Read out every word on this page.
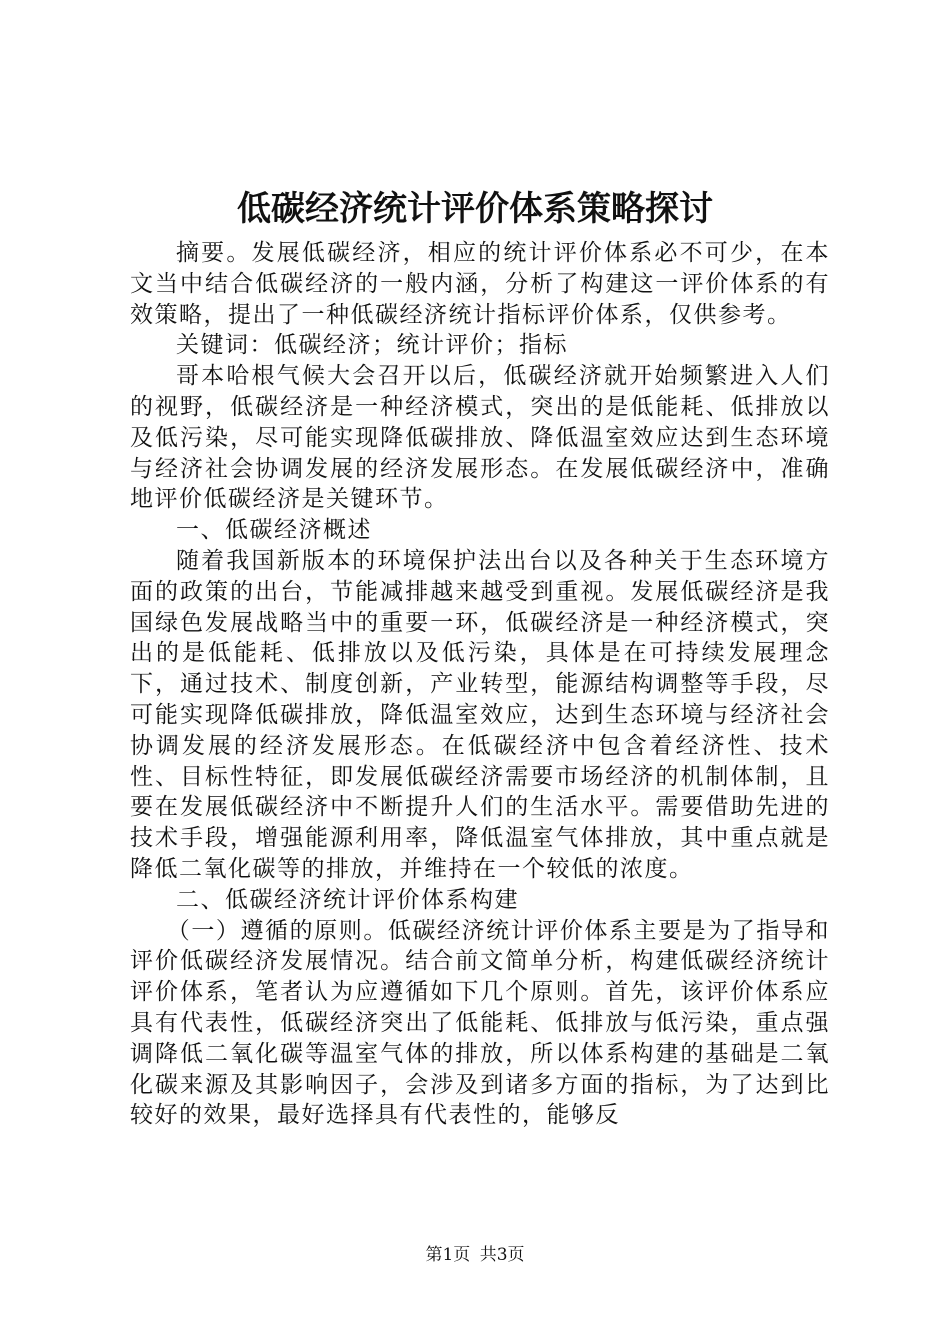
低碳经济统计评价体系策略探讨

摘要。发展低碳经济，相应的统计评价体系必不可少，在本文当中结合低碳经济的一般内涵，分析了构建这一评价体系的有效策略，提出了一种低碳经济统计指标评价体系，仅供参考。

关键词：低碳经济；统计评价；指标

哥本哈根气候大会召开以后，低碳经济就开始频繁进入人们的视野，低碳经济是一种经济模式，突出的是低能耗、低排放以及低污染，尽可能实现降低碳排放、降低温室效应达到生态环境与经济社会协调发展的经济发展形态。在发展低碳经济中，准确地评价低碳经济是关键环节。

一、低碳经济概述

随着我国新版本的环境保护法出台以及各种关于生态环境方面的政策的出台，节能减排越来越受到重视。发展低碳经济是我国绿色发展战略当中的重要一环，低碳经济是一种经济模式，突出的是低能耗、低排放以及低污染，具体是在可持续发展理念下，通过技术、制度创新，产业转型，能源结构调整等手段，尽可能实现降低碳排放，降低温室效应，达到生态环境与经济社会协调发展的经济发展形态。在低碳经济中包含着经济性、技术性、目标性特征，即发展低碳经济需要市场经济的机制体制，且要在发展低碳经济中不断提升人们的生活水平。需要借助先进的技术手段，增强能源利用率，降低温室气体排放，其中重点就是降低二氧化碳等的排放，并维持在一个较低的浓度。

二、低碳经济统计评价体系构建

（一）遵循的原则。低碳经济统计评价体系主要是为了指导和评价低碳经济发展情况。结合前文简单分析，构建低碳经济统计评价体系，笔者认为应遵循如下几个原则。首先，该评价体系应具有代表性，低碳经济突出了低能耗、低排放与低污染，重点强调降低二氧化碳等温室气体的排放，所以体系构建的基础是二氧化碳来源及其影响因子，会涉及到诸多方面的指标，为了达到比较好的效果，最好选择具有代表性的，能够反

第1页 共3页
